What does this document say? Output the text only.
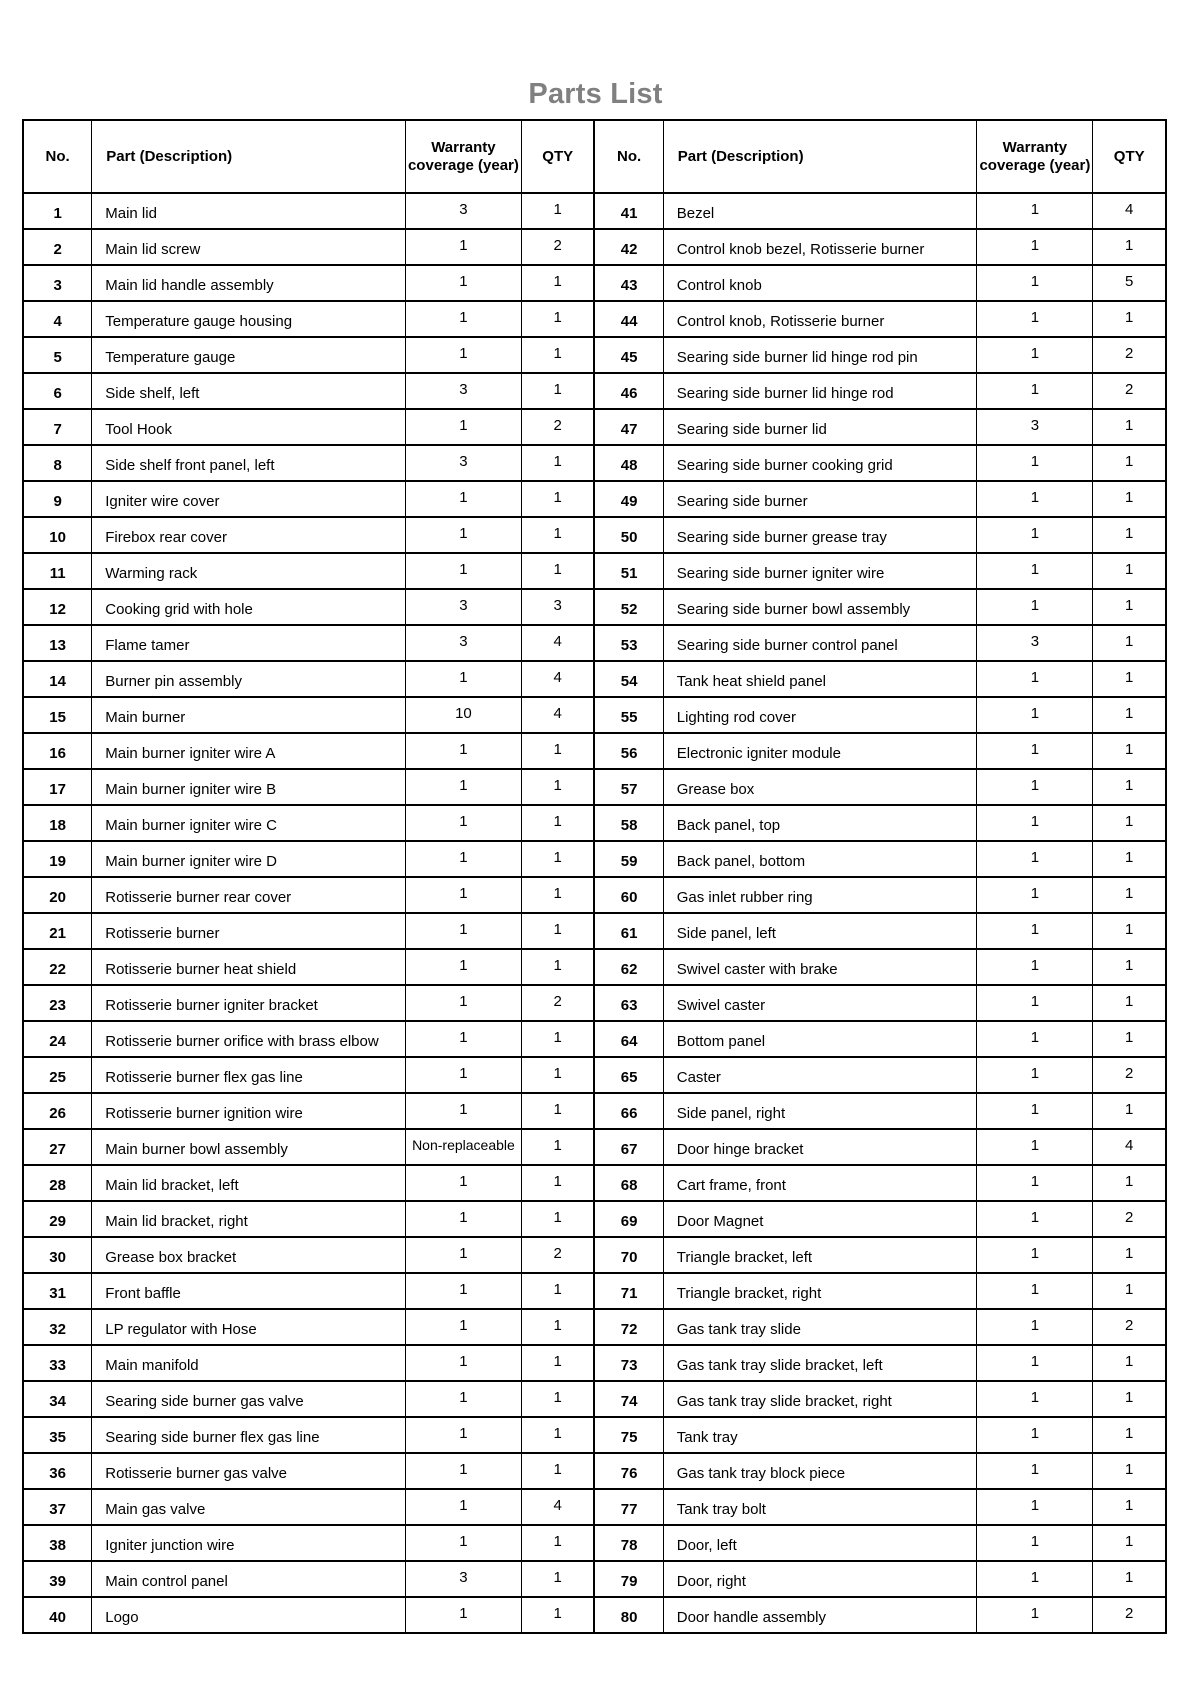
Parts List
No.	Part (Description)	Warranty coverage (year)	QTY	No.	Part (Description)	Warranty coverage (year)	QTY

1	Main lid	3	1	41	Bezel	1	4

2	Main lid screw	1	2	42	Control knob bezel, Rotisserie burner	1	1

3	Main lid handle assembly	1	1	43	Control knob	1	5

4	Temperature gauge housing	1	1	44	Control knob, Rotisserie burner	1	1

5	Temperature gauge	1	1	45	Searing side burner lid hinge rod pin	1	2

6	Side shelf, left	3	1	46	Searing side burner lid hinge rod	1	2

7	Tool Hook	1	2	47	Searing side burner lid	3	1

8	Side shelf front panel, left	3	1	48	Searing side burner cooking grid	1	1

9	Igniter wire cover	1	1	49	Searing side burner	1	1

10	Firebox rear cover	1	1	50	Searing side burner grease tray	1	1

11	Warming rack	1	1	51	Searing side burner igniter wire	1	1

12	Cooking grid with hole	3	3	52	Searing side burner bowl assembly	1	1

13	Flame tamer	3	4	53	Searing side burner control panel	3	1

14	Burner pin assembly	1	4	54	Tank heat shield panel	1	1

15	Main burner	10	4	55	Lighting rod cover	1	1

16	Main burner igniter wire A	1	1	56	Electronic igniter module	1	1

17	Main burner igniter wire B	1	1	57	Grease box	1	1

18	Main burner igniter wire C	1	1	58	Back panel, top	1	1

19	Main burner igniter wire D	1	1	59	Back panel, bottom	1	1

20	Rotisserie burner rear cover	1	1	60	Gas inlet rubber ring	1	1

21	Rotisserie burner	1	1	61	Side panel, left	1	1

22	Rotisserie burner heat shield	1	1	62	Swivel caster with brake	1	1

23	Rotisserie burner igniter bracket	1	2	63	Swivel caster	1	1

24	Rotisserie burner orifice with brass elbow	1	1	64	Bottom panel	1	1

25	Rotisserie burner flex gas line	1	1	65	Caster	1	2

26	Rotisserie burner ignition wire	1	1	66	Side panel, right	1	1

27	Main burner bowl assembly	Non-replaceable	1	67	Door hinge bracket	1	4

28	Main lid bracket, left	1	1	68	Cart frame, front	1	1

29	Main lid bracket, right	1	1	69	Door Magnet	1	2

30	Grease box bracket	1	2	70	Triangle bracket, left	1	1

31	Front baffle	1	1	71	Triangle bracket, right	1	1

32	LP regulator with Hose	1	1	72	Gas tank tray slide	1	2

33	Main manifold	1	1	73	Gas tank tray slide bracket, left	1	1

34	Searing side burner gas valve	1	1	74	Gas tank tray slide bracket, right	1	1

35	Searing side burner flex gas line	1	1	75	Tank tray	1	1

36	Rotisserie burner gas valve	1	1	76	Gas tank tray block piece	1	1

37	Main gas valve	1	4	77	Tank tray bolt	1	1

38	Igniter junction wire	1	1	78	Door, left	1	1

39	Main control panel	3	1	79	Door, right	1	1

40	Logo	1	1	80	Door handle assembly	1	2
